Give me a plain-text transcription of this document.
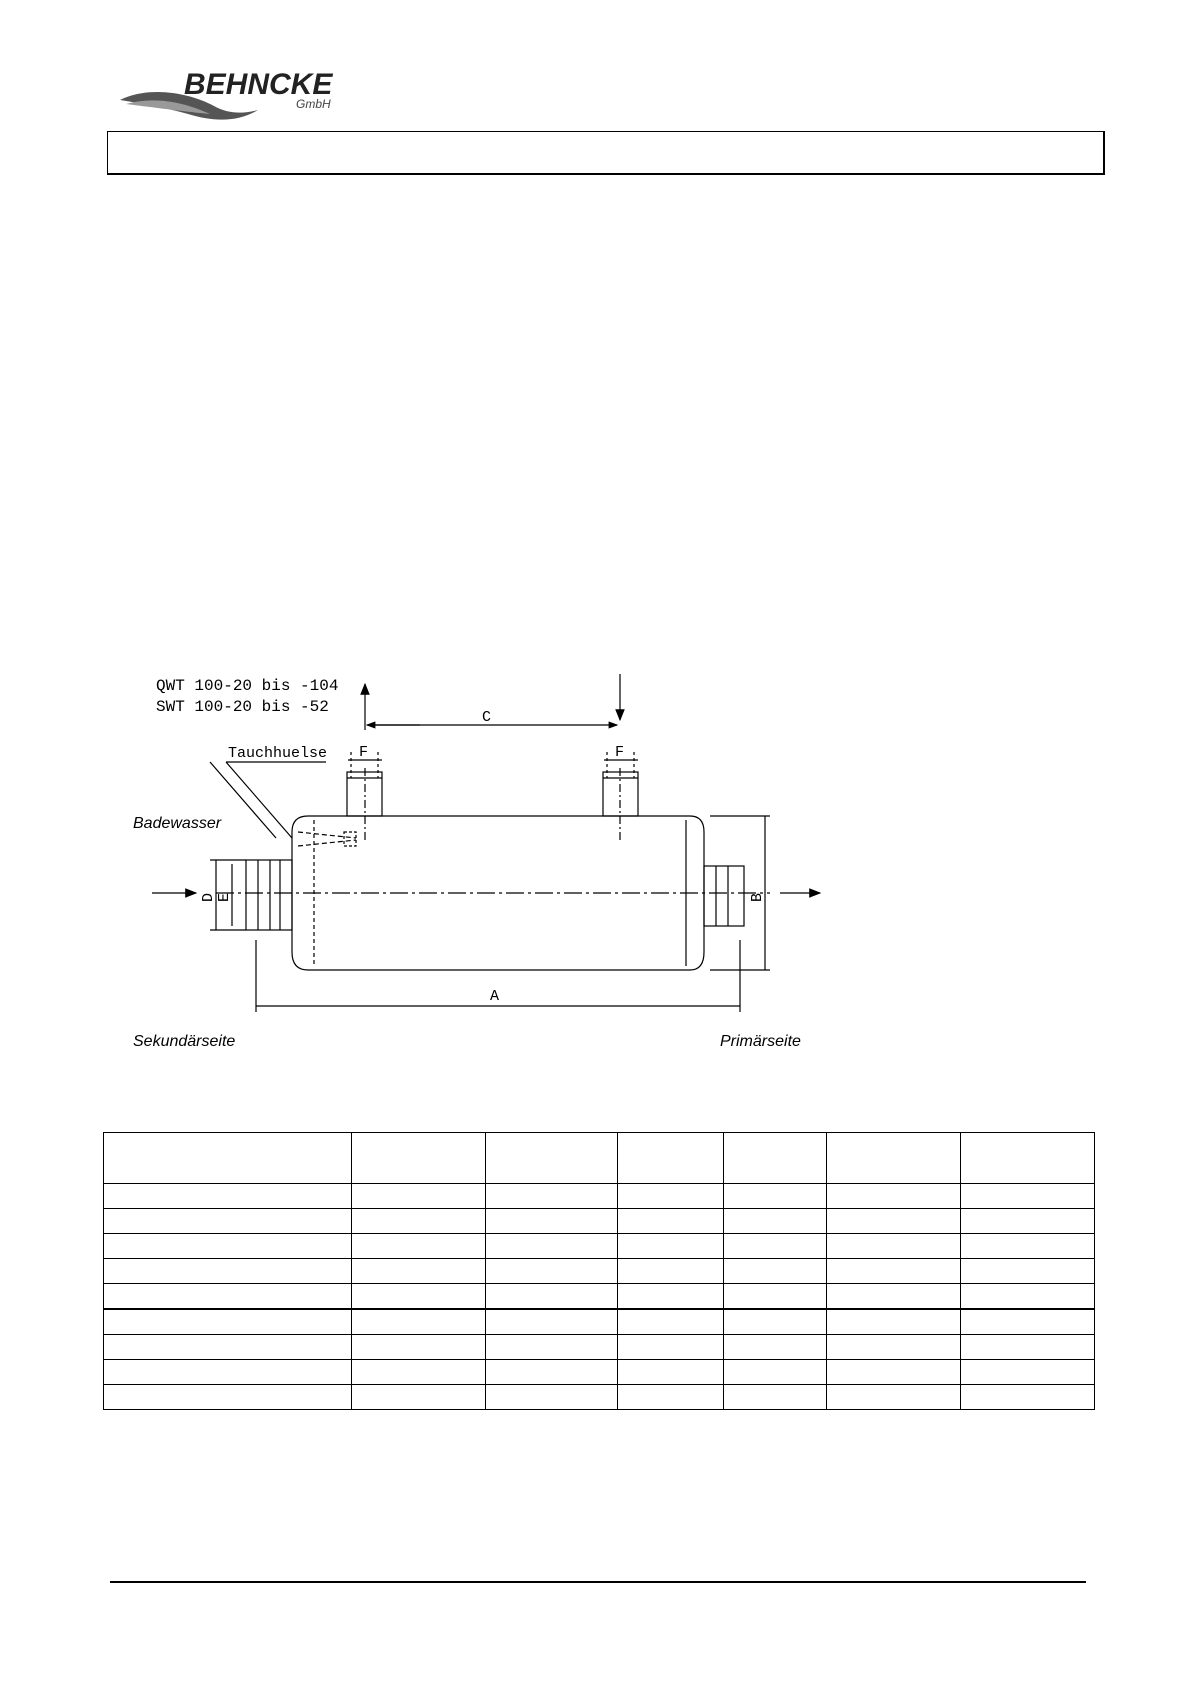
BEHNCKE
GmbH
QWT 100-20 bis -104
SWT 100-20 bis -52
Tauchhuelse
C
F	F
D E	B
A
Badewasser
Sekundärseite	Primärseite
